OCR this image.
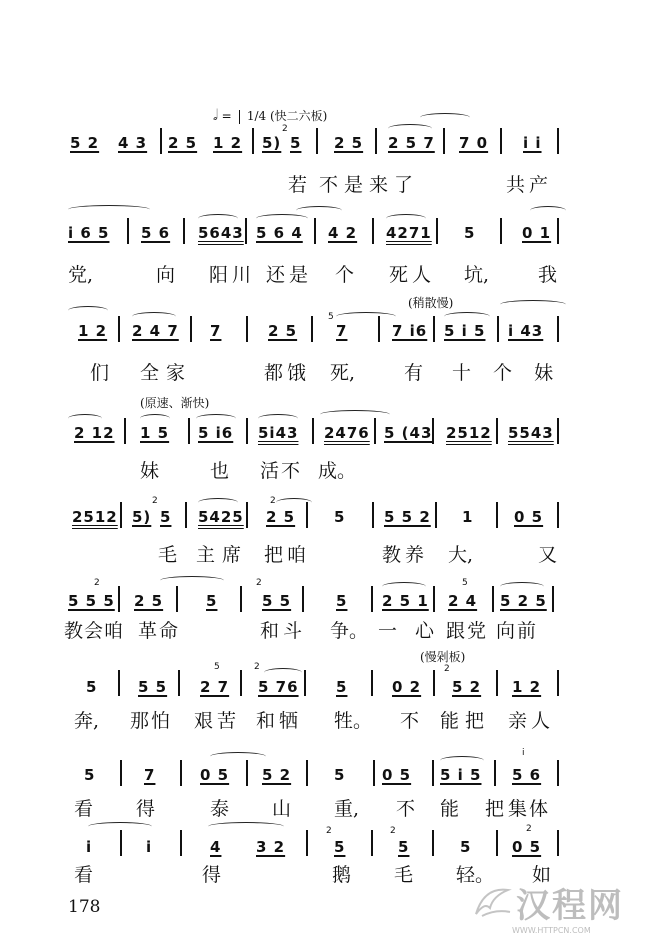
𝅗𝅥 = 1/4 (快二六板)
(稍散慢)
(原速、渐快)
(慢剁板)
5 2 4 3 2 5 1 2 5)
2
5 2 5 2 5 7 7 0 i i
若 不是来了	共产
i 6 5 5 6 5643 5 6 4 4 2 4271 5	0 1
党,	向 阳川 还是 个 死人 坑,	我
1 2 2 4 7 7	2 5
5
7	7 i6 5 i 5 i 43
们 全 家	都饿 死,	有 十 个 妹
2 12 1 5 5 i6 5i43 2476 5 (43 2512 5543
妹	也 活不 成。
2512 5)
2
5 5425
2
2 5	5	5 5 2 1	0 5
毛 主 席 把咱	教养 大,	又
2
5 5 5 2 5	5
2
5 5	5 2 5 1
5
2 4 5 2 5
教会咱 革命	和斗 争。 一 心 跟党 向前
5	5 5
5
2 7
2
5 76 5	0 2
2
5 2 1 2
奔, 那怕 艰苦 和牺 牲。 不 能把 亲人
5	7	0 5 5 2	5 0 5 5 i 5
i
5 6
看 得	泰 山 重, 不 能 把
集体
i	i	4 3 2
2
5
2
5	5
2
0 5
看	得	鹅 毛 轻。 如
178	汉程网
WWW.HTTPCN.COM
